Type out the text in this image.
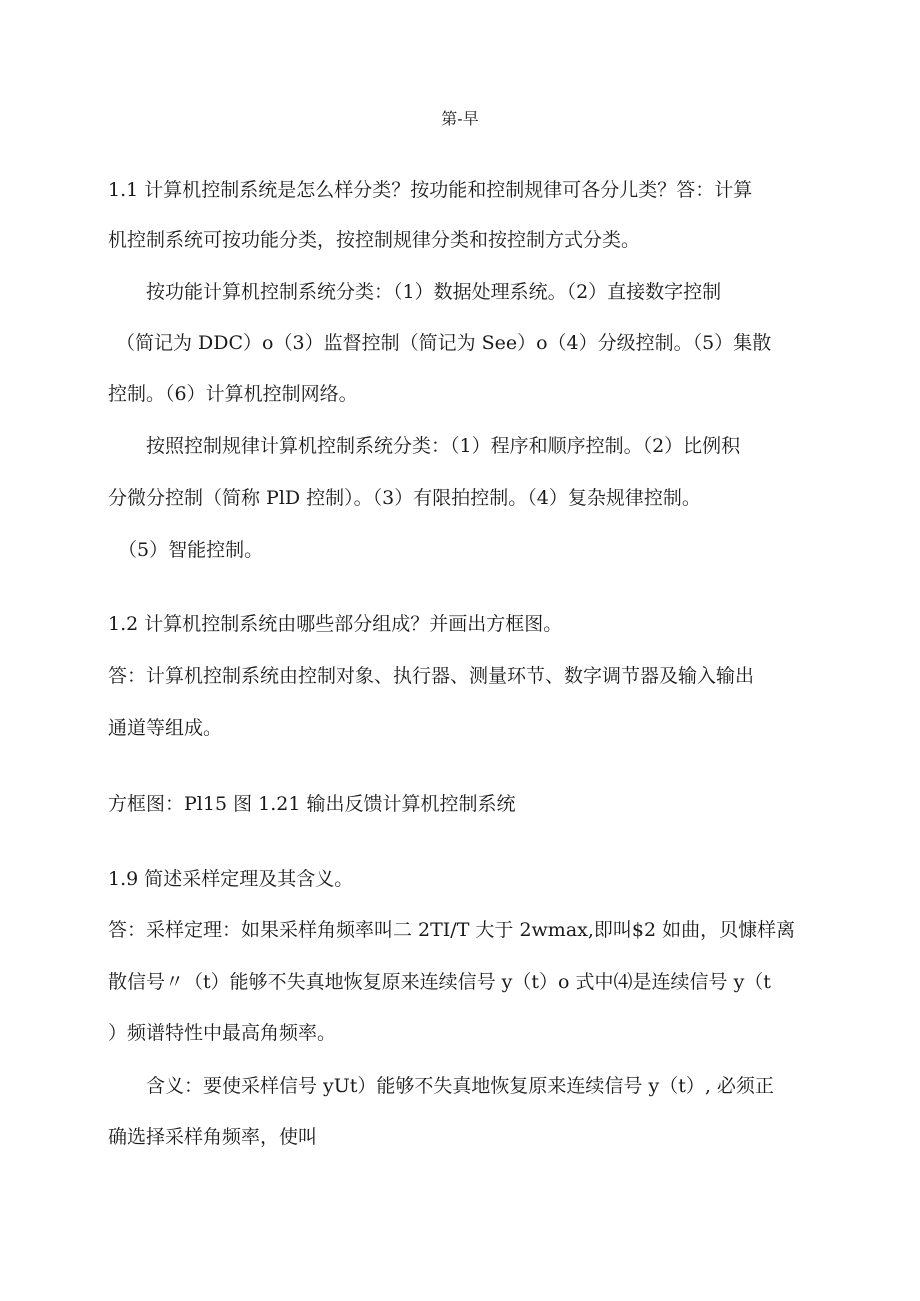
第-早
1.1 计算机控制系统是怎么样分类？按功能和控制规律可各分儿类？答：计算
机控制系统可按功能分类，按控制规律分类和按控制方式分类。
按功能计算机控制系统分类：（1）数据处理系统。（2）直接数字控制
（简记为 DDC）o（3）监督控制（简记为 See）o（4）分级控制。（5）集散
控制。（6）计算机控制网络。
按照控制规律计算机控制系统分类：（1）程序和顺序控制。（2）比例积
分微分控制（简称 PlD 控制）。（3）有限拍控制。（4）复杂规律控制。
（5）智能控制。
1.2 计算机控制系统由哪些部分组成？并画出方框图。
答：计算机控制系统由控制对象、执行器、测量环节、数字调节器及输入输出
通道等组成。
方框图：Pl15 图 1.21 输出反馈计算机控制系统
1.9 简述采样定理及其含义。
答：采样定理：如果采样角频率叫二 2TI/T 大于 2wmax,即叫$2 如曲，贝慷样离
散信号〃（t）能够不失真地恢复原来连续信号 y（t）o 式中⑷是连续信号 y（t
）频谱特性中最高角频率。
含义：要使采样信号 yUt）能够不失真地恢复原来连续信号 y（t）, 必须正
确选择采样角频率，使叫
